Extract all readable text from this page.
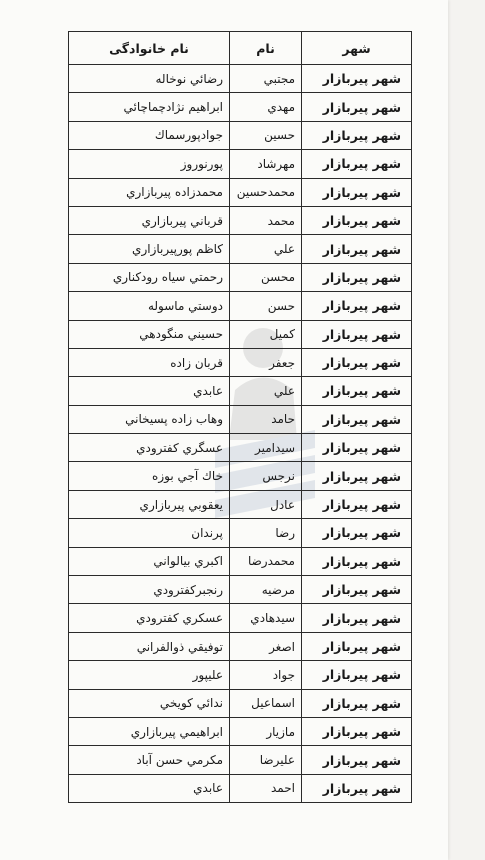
شهر	نام	نام خانوادگی
شهر پیربازار	مجتبي	رضائي نوخاله
شهر پیربازار	مهدي	ابراهيم نژادچماچائي
شهر پیربازار	حسين	جوادپورسماك
شهر پیربازار	مهرشاد	پورنوروز
شهر پیربازار	محمدحسين	محمدزاده پيربازاري
شهر پیربازار	محمد	قرباني پيربازاري
شهر پیربازار	علي	كاظم پورپيربازاري
شهر پیربازار	محسن	رحمتي سياه رودكناري
شهر پیربازار	حسن	دوستي ماسوله
شهر پیربازار	كميل	حسيني منگودهي
شهر پیربازار	جعفر	قربان زاده
شهر پیربازار	علي	عابدي
شهر پیربازار	حامد	وهاب زاده پسيخاني
شهر پیربازار	سيدامير	عسگري كفترودي
شهر پیربازار	نرجس	خاك آجي بوزه
شهر پیربازار	عادل	يعقوبي پيربازاري
شهر پیربازار	رضا	پرندان
شهر پیربازار	محمدرضا	اكبري بيالواني
شهر پیربازار	مرضيه	رنجبركفترودي
شهر پیربازار	سيدهادي	عسكري كفترودي
شهر پیربازار	اصغر	توفيقي ذوالفراني
شهر پیربازار	جواد	عليپور
شهر پیربازار	اسماعيل	ندائي كويخي
شهر پیربازار	مازيار	ابراهيمي پيربازاري
شهر پیربازار	عليرضا	مكرمي حسن آباد
شهر پیربازار	احمد	عابدي
